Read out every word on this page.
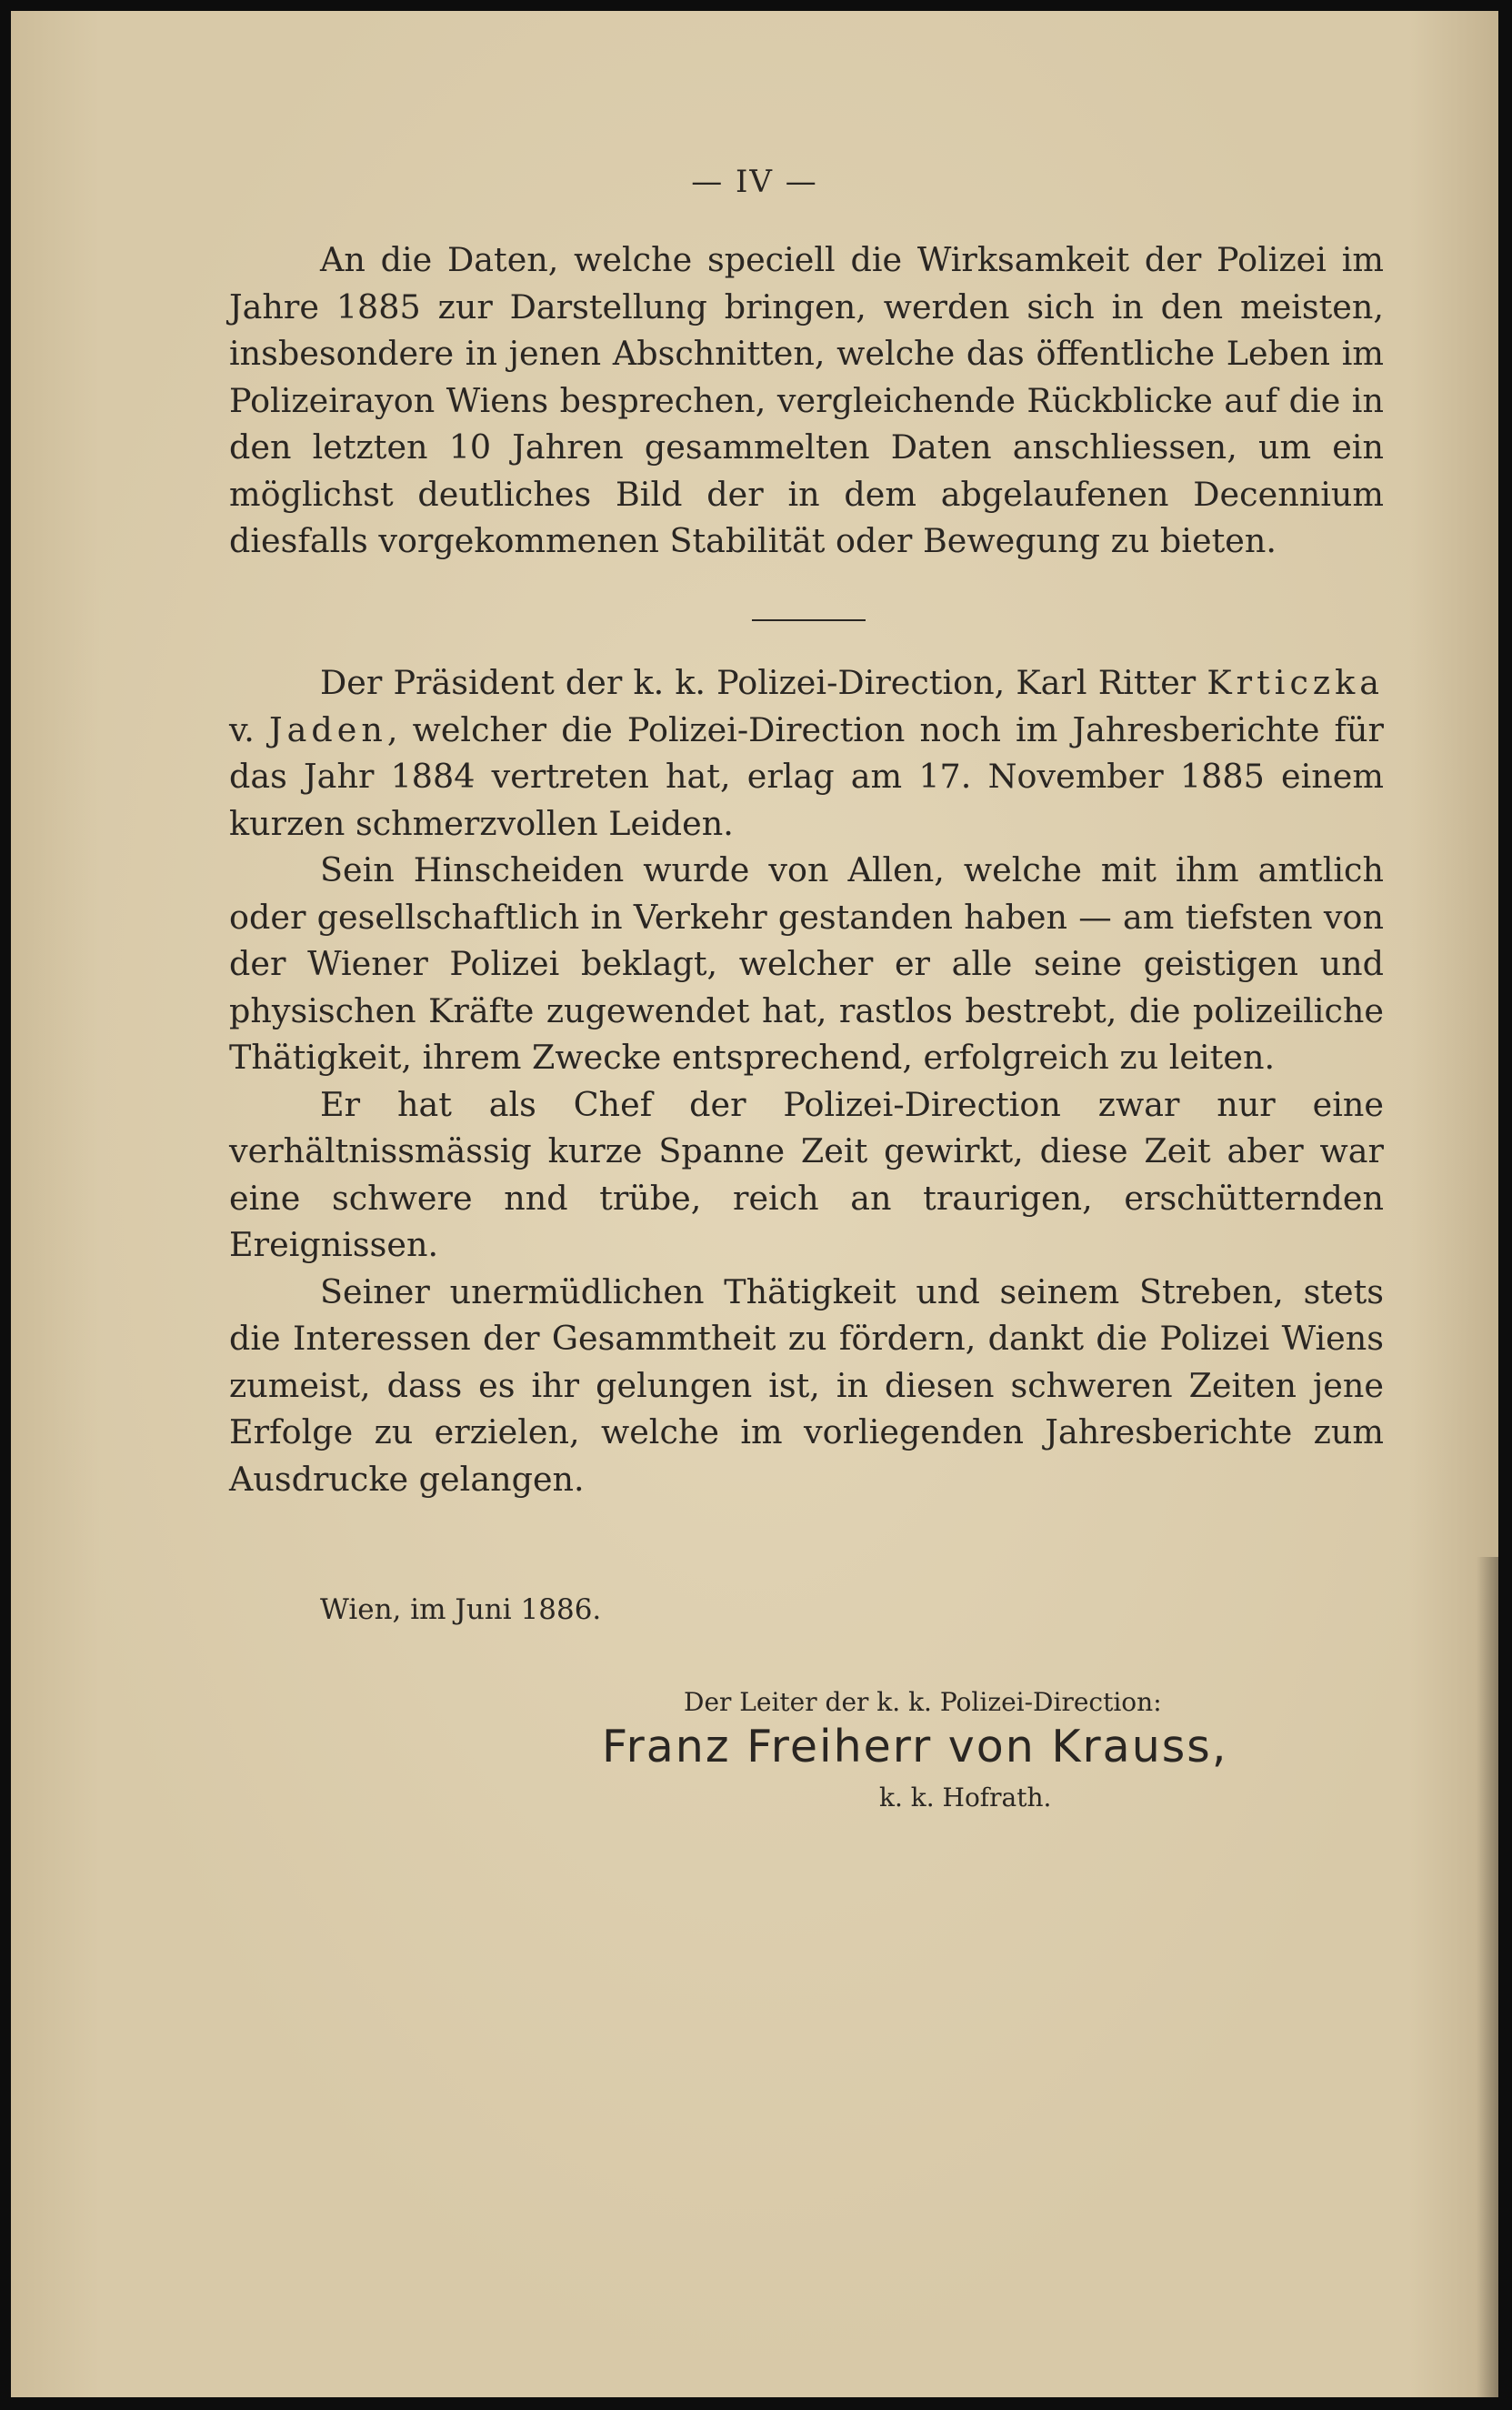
— IV —

An die Daten, welche speciell die Wirksamkeit der Polizei im Jahre 1885 zur Darstellung bringen, werden sich in den meisten, insbesondere in jenen Abschnitten, welche das öffentliche Leben im Polizeirayon Wiens besprechen, vergleichende Rückblicke auf die in den letzten 10 Jahren gesammelten Daten anschliessen, um ein möglichst deutliches Bild der in dem abgelaufenen Decennium diesfalls vorgekommenen Stabilität oder Bewegung zu bieten.

Der Präsident der k. k. Polizei-Direction, Karl Ritter Krticzka v. Jaden, welcher die Polizei-Direction noch im Jahresberichte für das Jahr 1884 vertreten hat, erlag am 17. November 1885 einem kurzen schmerzvollen Leiden.

Sein Hinscheiden wurde von Allen, welche mit ihm amtlich oder gesellschaftlich in Verkehr gestanden haben — am tiefsten von der Wiener Polizei beklagt, welcher er alle seine geistigen und physischen Kräfte zugewendet hat, rastlos bestrebt, die polizeiliche Thätigkeit, ihrem Zwecke entsprechend, erfolgreich zu leiten.

Er hat als Chef der Polizei-Direction zwar nur eine verhältnissmässig kurze Spanne Zeit gewirkt, diese Zeit aber war eine schwere nnd trübe, reich an traurigen, erschütternden Ereignissen.

Seiner unermüdlichen Thätigkeit und seinem Streben, stets die Interessen der Gesammtheit zu fördern, dankt die Polizei Wiens zumeist, dass es ihr gelungen ist, in diesen schweren Zeiten jene Erfolge zu erzielen, welche im vorliegenden Jahresberichte zum Ausdrucke gelangen.

Wien, im Juni 1886.
Der Leiter der k. k. Polizei-Direction:
Franz Freiherr von Krauss,
k. k. Hofrath.
